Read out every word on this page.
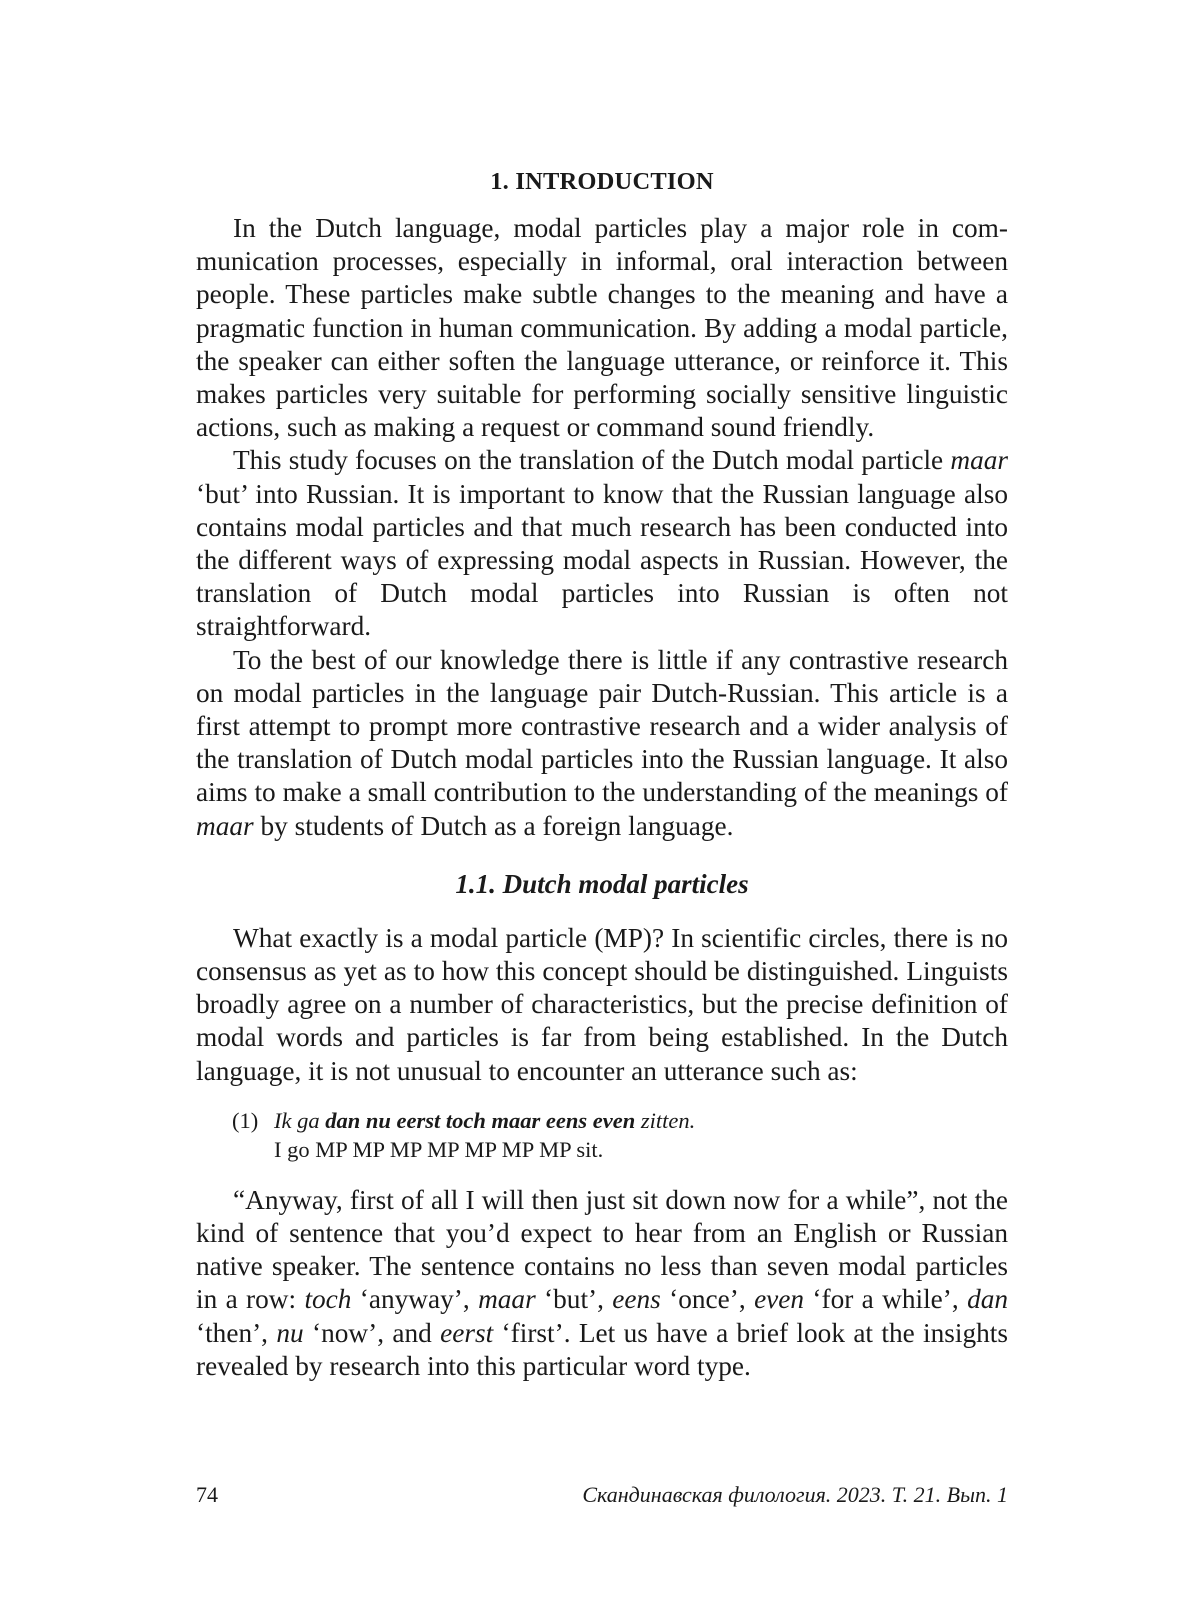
1. INTRODUCTION

In the Dutch language, modal particles play a major role in communication processes, especially in informal, oral interaction between people. These particles make subtle changes to the meaning and have a pragmatic function in human communication. By adding a modal particle, the speaker can either soften the language utterance, or reinforce it. This makes particles very suitable for performing socially sensitive linguistic actions, such as making a request or command sound friendly.

This study focuses on the translation of the Dutch modal particle maar ‘but’ into Russian. It is important to know that the Russian language also contains modal particles and that much research has been conducted into the different ways of expressing modal aspects in Russian. However, the translation of Dutch modal particles into Russian is often not straightforward.

To the best of our knowledge there is little if any contrastive research on modal particles in the language pair Dutch-Russian. This article is a first attempt to prompt more contrastive research and a wider analysis of the translation of Dutch modal particles into the Russian language. It also aims to make a small contribution to the understanding of the meanings of maar by students of Dutch as a foreign language.

1.1. Dutch modal particles

What exactly is a modal particle (MP)? In scientific circles, there is no consensus as yet as to how this concept should be distinguished. Linguists broadly agree on a number of characteristics, but the precise definition of modal words and particles is far from being established. In the Dutch language, it is not unusual to encounter an utterance such as:

(1) Ik ga dan nu eerst toch maar eens even zitten.
I go MP MP MP MP MP MP MP sit.

“Anyway, first of all I will then just sit down now for a while”, not the kind of sentence that you’d expect to hear from an English or Russian native speaker. The sentence contains no less than seven modal particles in a row: toch ‘anyway’, maar ‘but’, eens ‘once’, even ‘for a while’, dan ‘then’, nu ‘now’, and eerst ‘first’. Let us have a brief look at the insights revealed by research into this particular word type.

74	Скандинавская филология. 2023. Т. 21. Вып. 1
